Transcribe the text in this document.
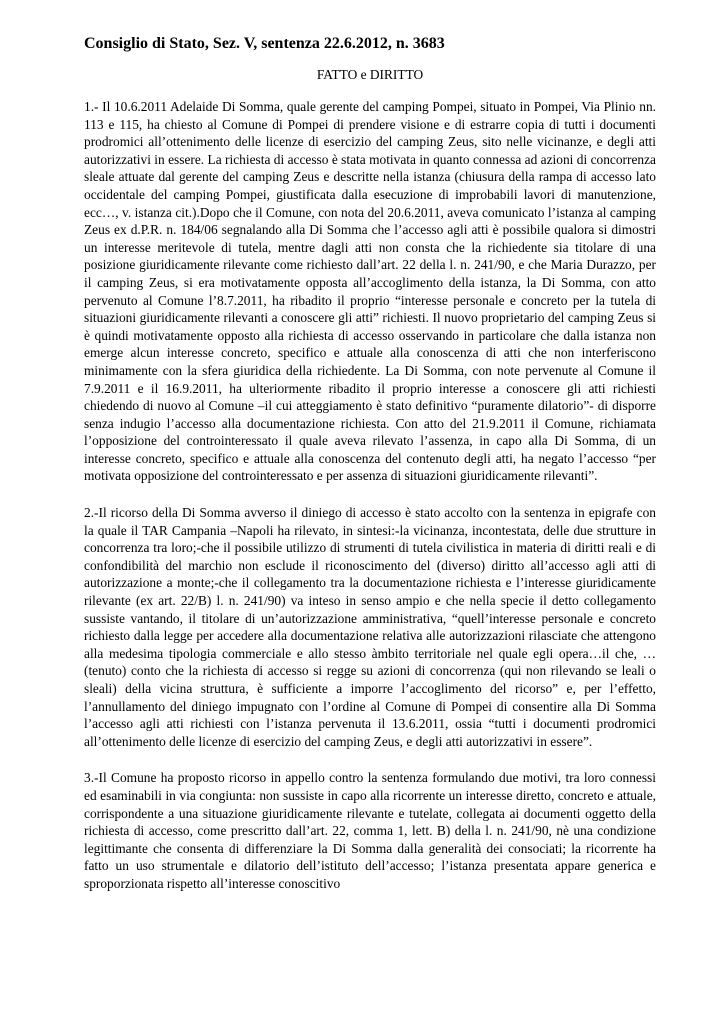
Consiglio di Stato, Sez. V, sentenza 22.6.2012, n. 3683
FATTO e DIRITTO

1.- Il 10.6.2011 Adelaide Di Somma, quale gerente del camping Pompei, situato in Pompei, Via Plinio nn. 113 e 115, ha chiesto al Comune di Pompei di prendere visione e di estrarre copia di tutti i documenti prodromici all’ottenimento delle licenze di esercizio del camping Zeus, sito nelle vicinanze, e degli atti autorizzativi in essere. La richiesta di accesso è stata motivata in quanto connessa ad azioni di concorrenza sleale attuate dal gerente del camping Zeus e descritte nella istanza (chiusura della rampa di accesso lato occidentale del camping Pompei, giustificata dalla esecuzione di improbabili lavori di manutenzione, ecc…, v. istanza cit.).Dopo che il Comune, con nota del 20.6.2011, aveva comunicato l’istanza al camping Zeus ex d.P.R. n. 184/06 segnalando alla Di Somma che l’accesso agli atti è possibile qualora si dimostri un interesse meritevole di tutela, mentre dagli atti non consta che la richiedente sia titolare di una posizione giuridicamente rilevante come richiesto dall’art. 22 della l. n. 241/90, e che Maria Durazzo, per il camping Zeus, si era motivatamente opposta all’accoglimento della istanza, la Di Somma, con atto pervenuto al Comune l’8.7.2011, ha ribadito il proprio “interesse personale e concreto per la tutela di situazioni giuridicamente rilevanti a conoscere gli atti” richiesti. Il nuovo proprietario del camping Zeus si è quindi motivatamente opposto alla richiesta di accesso osservando in particolare che dalla istanza non emerge alcun interesse concreto, specifico e attuale alla conoscenza di atti che non interferiscono minimamente con la sfera giuridica della richiedente. La Di Somma, con note pervenute al Comune il 7.9.2011 e il 16.9.2011, ha ulteriormente ribadito il proprio interesse a conoscere gli atti richiesti chiedendo di nuovo al Comune –il cui atteggiamento è stato definitivo “puramente dilatorio”- di disporre senza indugio l’accesso alla documentazione richiesta. Con atto del 21.9.2011 il Comune, richiamata l’opposizione del controinteressato il quale aveva rilevato l’assenza, in capo alla Di Somma, di un interesse concreto, specifico e attuale alla conoscenza del contenuto degli atti, ha negato l’accesso “per motivata opposizione del controinteressato e per assenza di situazioni giuridicamente rilevanti”.

2.-Il ricorso della Di Somma avverso il diniego di accesso è stato accolto con la sentenza in epigrafe con la quale il TAR Campania –Napoli ha rilevato, in sintesi:-la vicinanza, incontestata, delle due strutture in concorrenza tra loro;-che il possibile utilizzo di strumenti di tutela civilistica in materia di diritti reali e di confondibilità del marchio non esclude il riconoscimento del (diverso) diritto all’accesso agli atti di autorizzazione a monte;-che il collegamento tra la documentazione richiesta e l’interesse giuridicamente rilevante (ex art. 22/B) l. n. 241/90) va inteso in senso ampio e che nella specie il detto collegamento sussiste vantando, il titolare di un’autorizzazione amministrativa, “quell’interesse personale e concreto richiesto dalla legge per accedere alla documentazione relativa alle autorizzazioni rilasciate che attengono alla medesima tipologia commerciale e allo stesso àmbito territoriale nel quale egli opera…il che, …(tenuto) conto che la richiesta di accesso si regge su azioni di concorrenza (qui non rilevando se leali o sleali) della vicina struttura, è sufficiente a imporre l’accoglimento del ricorso” e, per l’effetto, l’annullamento del diniego impugnato con l’ordine al Comune di Pompei di consentire alla Di Somma l’accesso agli atti richiesti con l’istanza pervenuta il 13.6.2011, ossia “tutti i documenti prodromici all’ottenimento delle licenze di esercizio del camping Zeus, e degli atti autorizzativi in essere”.

3.-Il Comune ha proposto ricorso in appello contro la sentenza formulando due motivi, tra loro connessi ed esaminabili in via congiunta: non sussiste in capo alla ricorrente un interesse diretto, concreto e attuale, corrispondente a una situazione giuridicamente rilevante e tutelate, collegata ai documenti oggetto della richiesta di accesso, come prescritto dall’art. 22, comma 1, lett. B) della l. n. 241/90, nè una condizione legittimante che consenta di differenziare la Di Somma dalla generalità dei consociati; la ricorrente ha fatto un uso strumentale e dilatorio dell’istituto dell’accesso; l’istanza presentata appare generica e sproporzionata rispetto all’interesse conoscitivo
